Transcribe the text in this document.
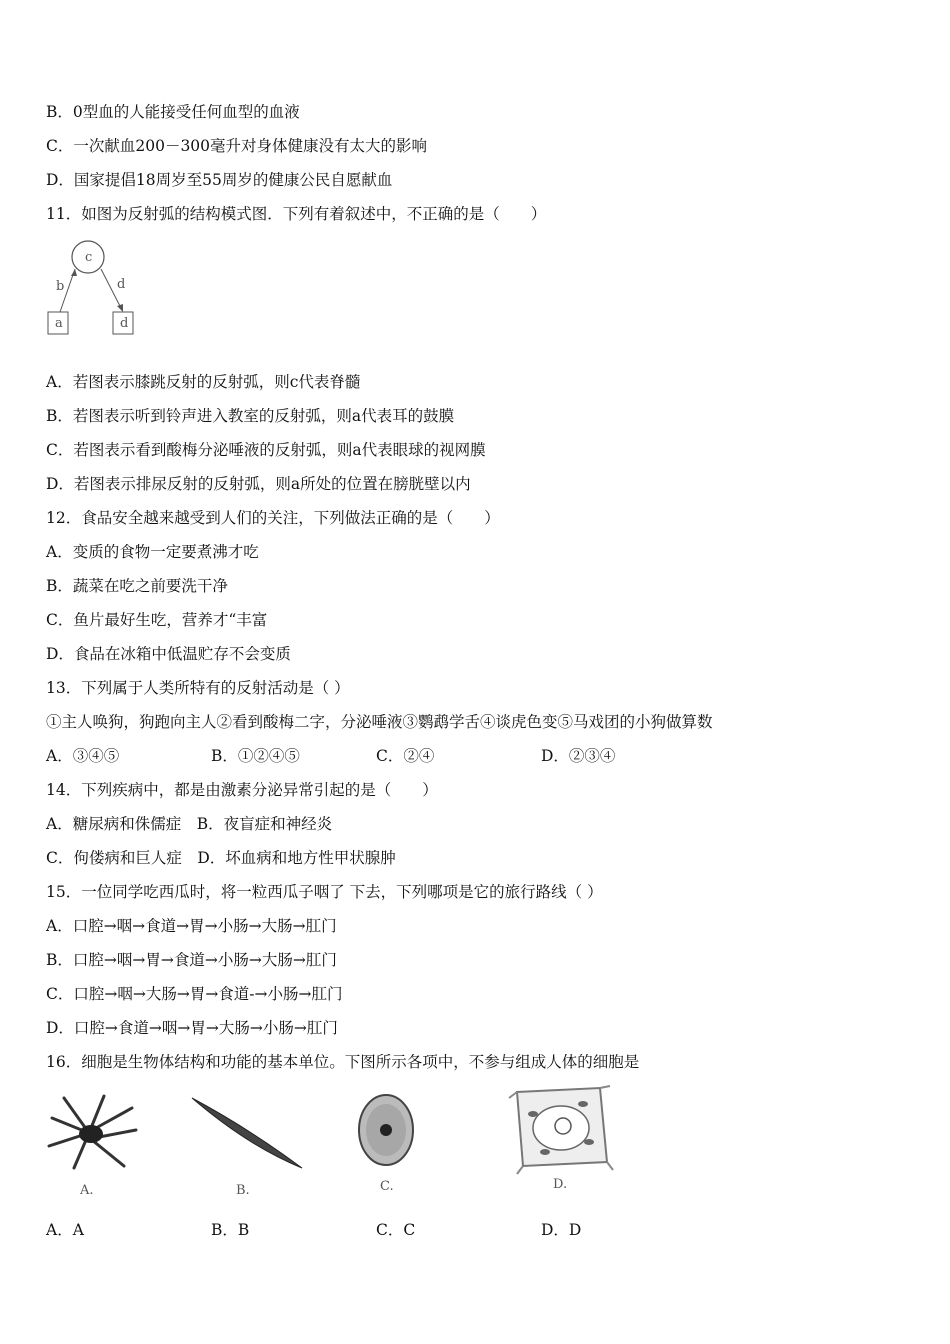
B．0型血的人能接受任何血型的血液
C．一次献血200－300毫升对身体健康没有太大的影响
D．国家提倡18周岁至55周岁的健康公民自愿献血
11．如图为反射弧的结构模式图．下列有着叙述中，不正确的是（　　）
c
b	d
a	d
A．若图表示膝跳反射的反射弧，则c代表脊髓
B．若图表示听到铃声进入教室的反射弧，则a代表耳的鼓膜
C．若图表示看到酸梅分泌唾液的反射弧，则a代表眼球的视网膜
D．若图表示排尿反射的反射弧，则a所处的位置在膀胱壁以内
12．食品安全越来越受到人们的关注，下列做法正确的是（　　）
A．变质的食物一定要煮沸才吃
B．蔬菜在吃之前要洗干净
C．鱼片最好生吃，营养才“丰富
D．食品在冰箱中低温贮存不会变质
13．下列属于人类所特有的反射活动是（ ）
①主人唤狗，狗跑向主人②看到酸梅二字，分泌唾液③鹦鹉学舌④谈虎色变⑤马戏团的小狗做算数
A．③④⑤	B．①②④⑤	C．②④	D．②③④
14．下列疾病中，都是由激素分泌异常引起的是（　　）
A．糖尿病和侏儒症　B．夜盲症和神经炎
C．佝偻病和巨人症　D．坏血病和地方性甲状腺肿
15．一位同学吃西瓜时，将一粒西瓜子咽了 下去，下列哪项是它的旅行路线（ ）
A．口腔→咽→食道→胃→小肠→大肠→肛门
B．口腔→咽→胃→食道→小肠→大肠→肛门
C．口腔→咽→大肠→胃→食道-→小肠→肛门
D．口腔→食道→咽→胃→大肠→小肠→肛门
16．细胞是生物体结构和功能的基本单位。下图所示各项中，不参与组成人体的细胞是
A.	B.	C.	D.
A．A	B．B	C．C	D．D
